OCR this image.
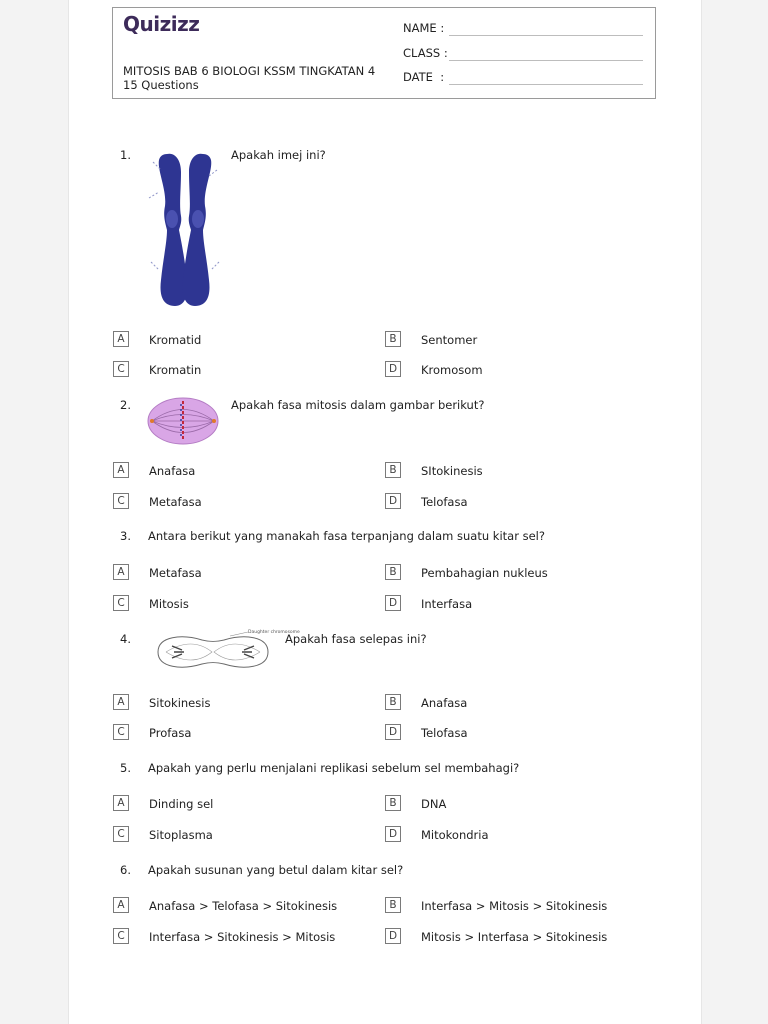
Quizizz
MITOSIS BAB 6 BIOLOGI KSSM TINGKATAN 4
15 Questions
NAME :
CLASS :
DATE  :
1.	Apakah imej ini?
A	Kromatid	B	Sentomer
C	Kromatin	D	Kromosom
2.	Apakah fasa mitosis dalam gambar berikut?
A	Anafasa	B	SItokinesis
C	Metafasa	D	Telofasa
3. Antara berikut yang manakah fasa terpanjang dalam suatu kitar sel?
A	Metafasa	B	Pembahagian nukleus
C	Mitosis	D	Interfasa
4.	Daughter chromosome
Apakah fasa selepas ini?
A	Sitokinesis	B	Anafasa
C	Profasa	D	Telofasa
5. Apakah yang perlu menjalani replikasi sebelum sel membahagi?
A	Dinding sel	B	DNA
C	Sitoplasma	D	Mitokondria
6. Apakah susunan yang betul dalam kitar sel?
A	Anafasa > Telofasa > Sitokinesis	B	Interfasa > Mitosis > Sitokinesis
C	Interfasa > Sitokinesis > Mitosis	D	Mitosis > Interfasa > Sitokinesis
